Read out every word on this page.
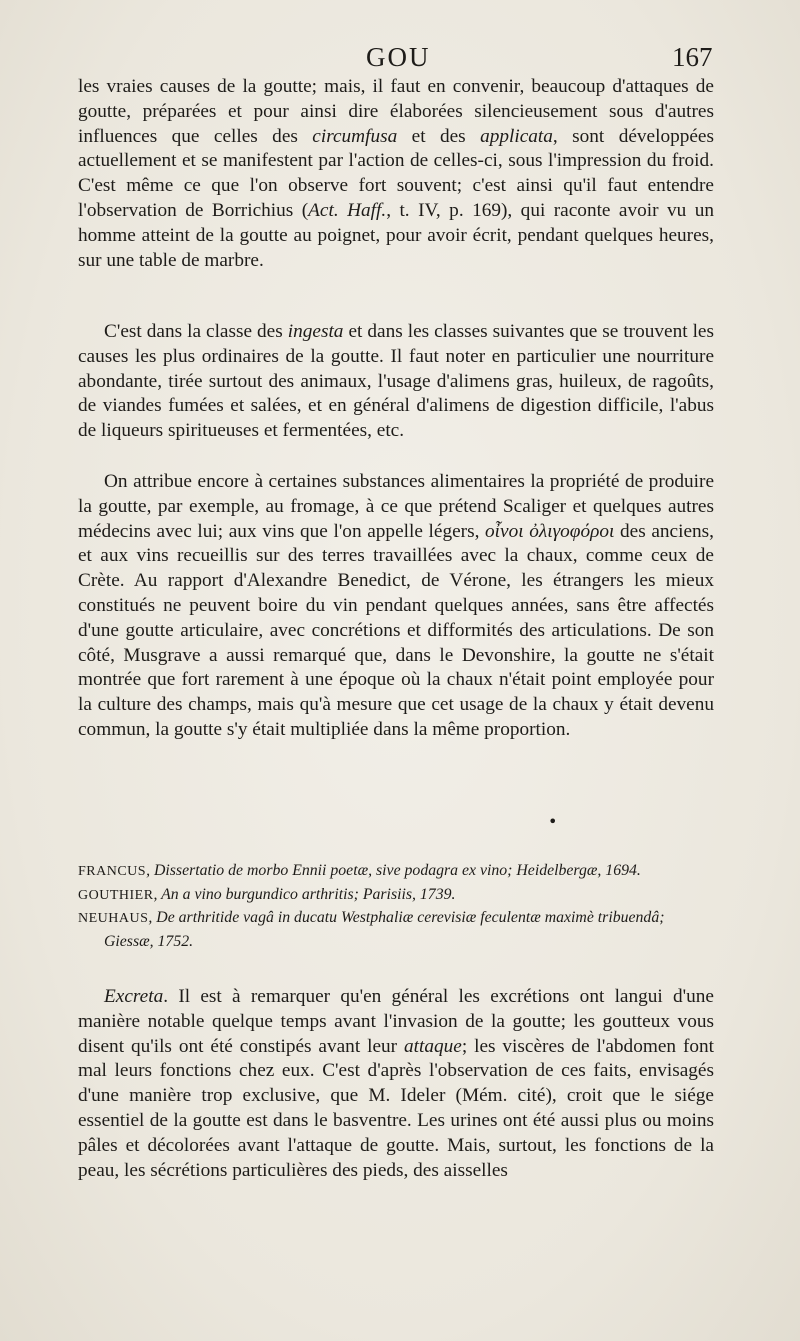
GOU	167

les vraies causes de la goutte; mais, il faut en convenir, beaucoup d'attaques de goutte, préparées et pour ainsi dire élaborées silencieusement sous d'autres influences que celles des circumfusa et des applicata, sont développées actuellement et se manifestent par l'action de celles-ci, sous l'impression du froid. C'est même ce que l'on observe fort souvent; c'est ainsi qu'il faut entendre l'observation de Borrichius (Act. Haff., t. IV, p. 169), qui raconte avoir vu un homme atteint de la goutte au poignet, pour avoir écrit, pendant quelques heures, sur une table de marbre.

C'est dans la classe des ingesta et dans les classes suivantes que se trouvent les causes les plus ordinaires de la goutte. Il faut noter en particulier une nourriture abondante, tirée surtout des animaux, l'usage d'alimens gras, huileux, de ragoûts, de viandes fumées et salées, et en général d'alimens de digestion difficile, l'abus de liqueurs spiritueuses et fermentées, etc.

On attribue encore à certaines substances alimentaires la propriété de produire la goutte, par exemple, au fromage, à ce que prétend Scaliger et quelques autres médecins avec lui; aux vins que l'on appelle légers, οἶνοι ὀλιγοφόροι des anciens, et aux vins recueillis sur des terres travaillées avec la chaux, comme ceux de Crète. Au rapport d'Alexandre Benedict, de Vérone, les étrangers les mieux constitués ne peuvent boire du vin pendant quelques années, sans être affectés d'une goutte articulaire, avec concrétions et difformités des articulations. De son côté, Musgrave a aussi remarqué que, dans le Devonshire, la goutte ne s'était montrée que fort rarement à une époque où la chaux n'était point employée pour la culture des champs, mais qu'à mesure que cet usage de la chaux y était devenu commun, la goutte s'y était multipliée dans la même proportion.

•

FRANCUS, Dissertatio de morbo Ennii poetæ, sive podagra ex vino; Heidelbergæ, 1694.

GOUTHIER, An a vino burgundico arthritis; Parisiis, 1739.

NEUHAUS, De arthritide vagâ in ducatu Westphaliæ cerevisiæ feculentæ maximè tribuendâ; Giessæ, 1752.

Excreta. Il est à remarquer qu'en général les excrétions ont langui d'une manière notable quelque temps avant l'invasion de la goutte; les goutteux vous disent qu'ils ont été constipés avant leur attaque; les viscères de l'abdomen font mal leurs fonctions chez eux. C'est d'après l'observation de ces faits, envisagés d'une manière trop exclusive, que M. Ideler (Mém. cité), croit que le siége essentiel de la goutte est dans le basventre. Les urines ont été aussi plus ou moins pâles et décolorées avant l'attaque de goutte. Mais, surtout, les fonctions de la peau, les sécrétions particulières des pieds, des aisselles
